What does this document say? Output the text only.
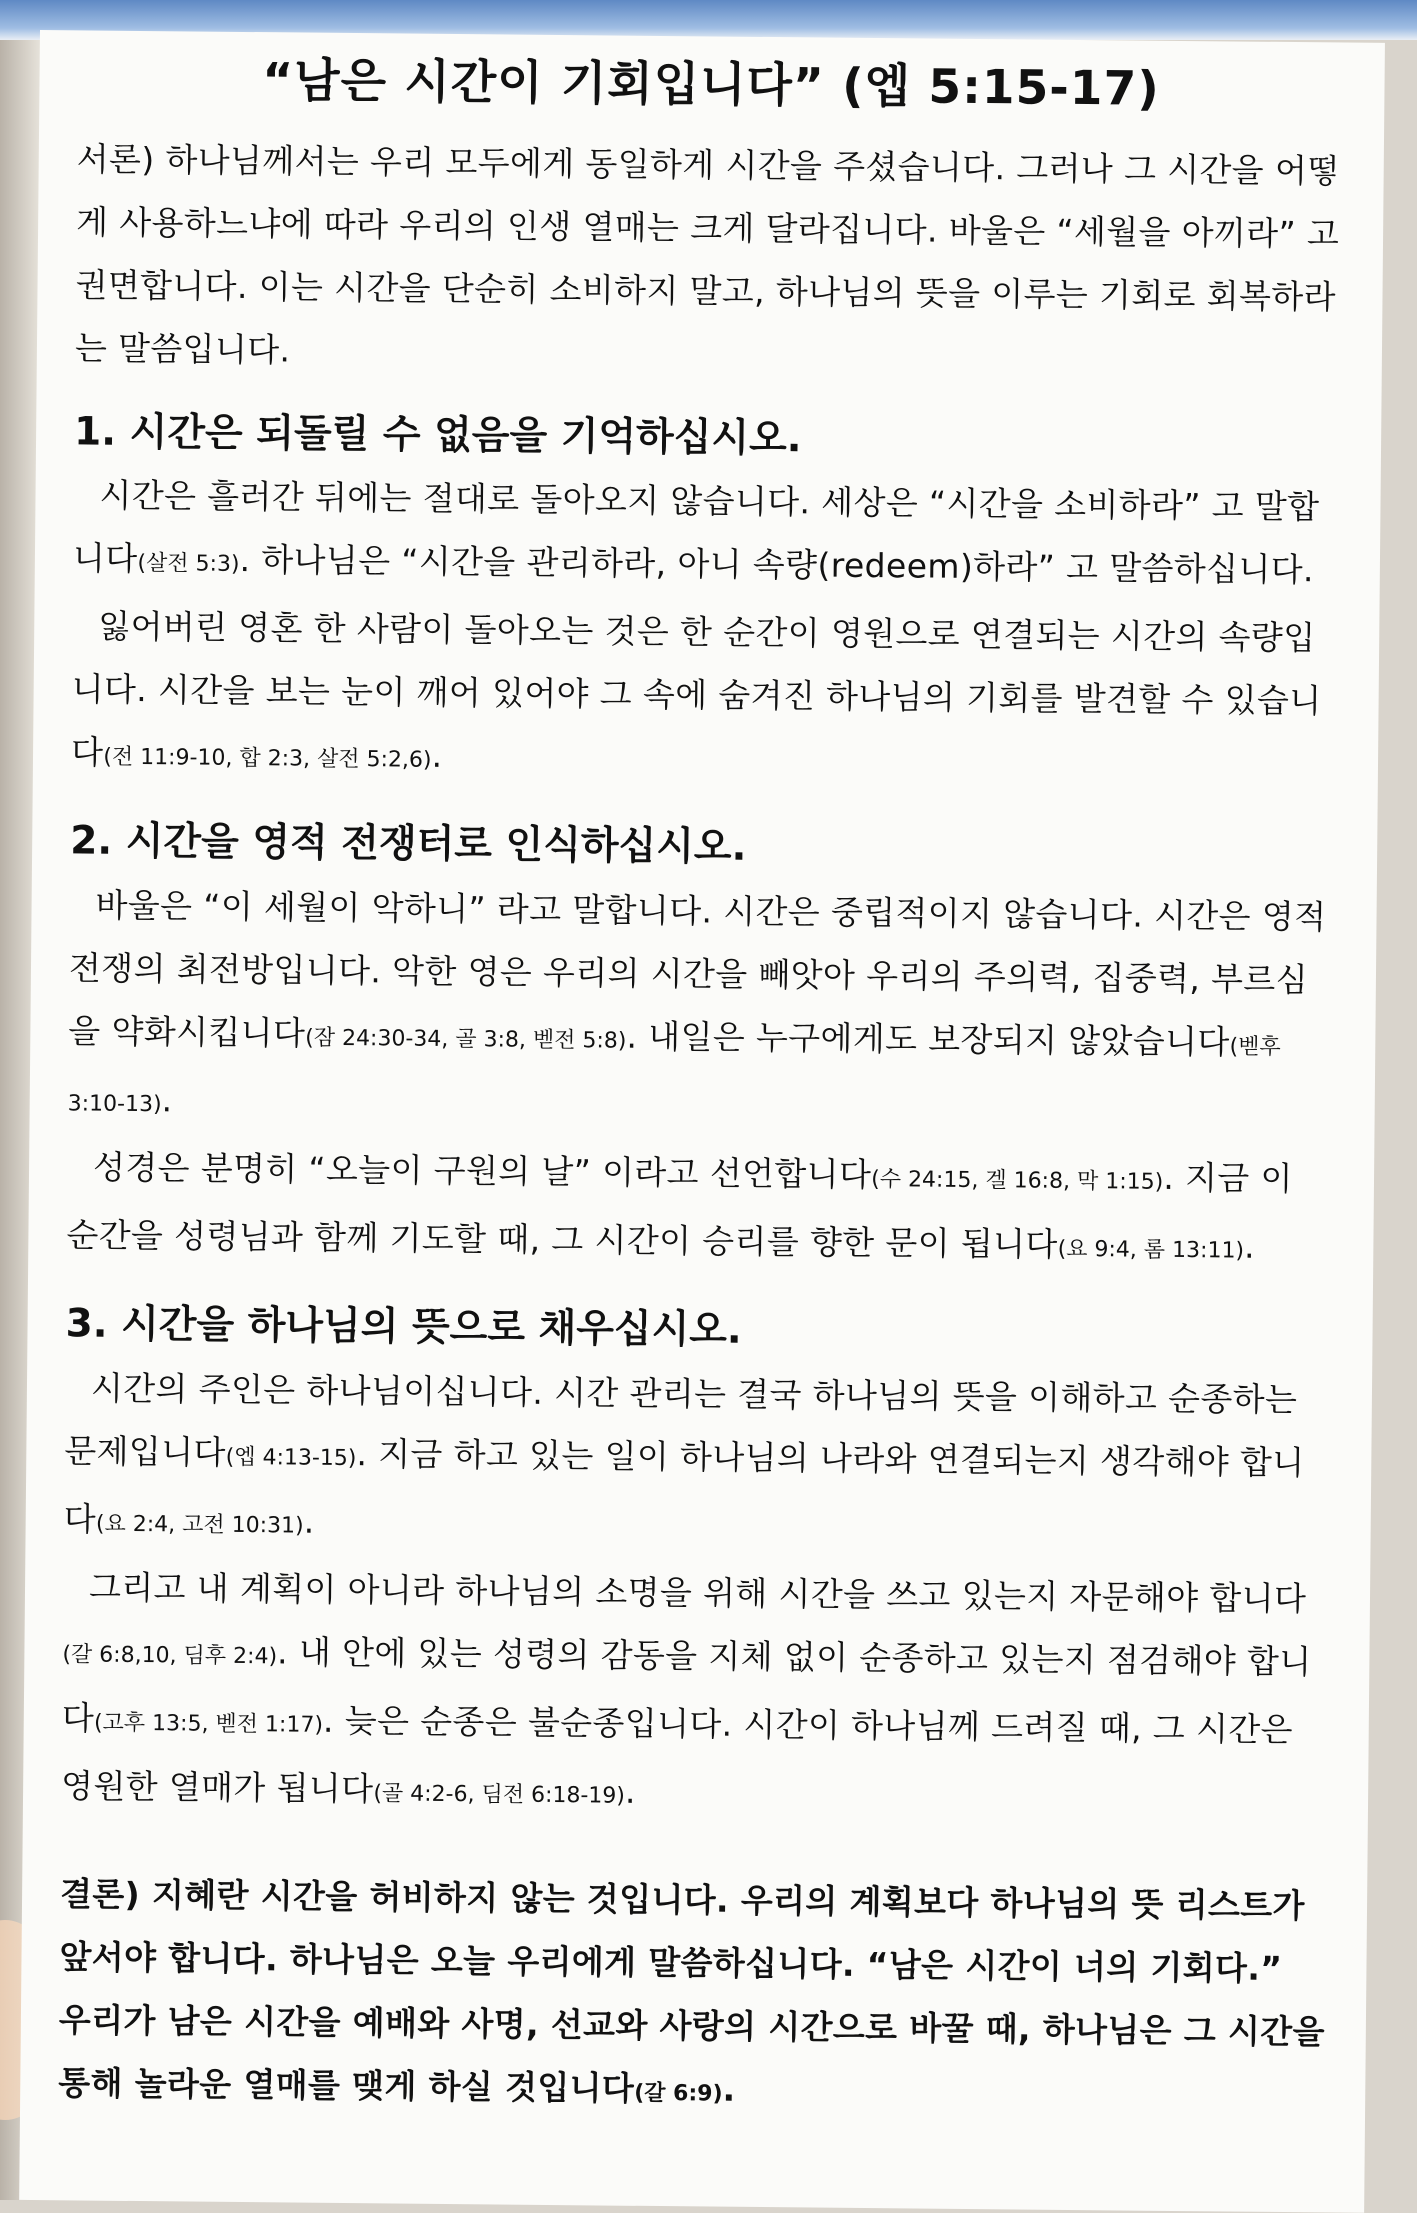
“남은 시간이 기회입니다” (엡 5:15-17)

서론) 하나님께서는 우리 모두에게 동일하게 시간을 주셨습니다. 그러나 그 시간을 어떻게 사용하느냐에 따라 우리의 인생 열매는 크게 달라집니다. 바울은 “세월을 아끼라” 고 권면합니다. 이는 시간을 단순히 소비하지 말고, 하나님의 뜻을 이루는 기회로 회복하라는 말씀입니다.

1. 시간은 되돌릴 수 없음을 기억하십시오.

시간은 흘러간 뒤에는 절대로 돌아오지 않습니다. 세상은 “시간을 소비하라” 고 말합니다(살전 5:3). 하나님은 “시간을 관리하라, 아니 속량(redeem)하라” 고 말씀하십니다.

잃어버린 영혼 한 사람이 돌아오는 것은 한 순간이 영원으로 연결되는 시간의 속량입니다. 시간을 보는 눈이 깨어 있어야 그 속에 숨겨진 하나님의 기회를 발견할 수 있습니다(전 11:9-10, 합 2:3, 살전 5:2,6).

2. 시간을 영적 전쟁터로 인식하십시오.

바울은 “이 세월이 악하니” 라고 말합니다. 시간은 중립적이지 않습니다. 시간은 영적 전쟁의 최전방입니다. 악한 영은 우리의 시간을 빼앗아 우리의 주의력, 집중력, 부르심을 약화시킵니다(잠 24:30-34, 골 3:8, 벧전 5:8). 내일은 누구에게도 보장되지 않았습니다(벧후 3:10-13).

성경은 분명히 “오늘이 구원의 날” 이라고 선언합니다(수 24:15, 겔 16:8, 막 1:15). 지금 이 순간을 성령님과 함께 기도할 때, 그 시간이 승리를 향한 문이 됩니다(요 9:4, 롬 13:11).

3. 시간을 하나님의 뜻으로 채우십시오.

시간의 주인은 하나님이십니다. 시간 관리는 결국 하나님의 뜻을 이해하고 순종하는 문제입니다(엡 4:13-15). 지금 하고 있는 일이 하나님의 나라와 연결되는지 생각해야 합니다(요 2:4, 고전 10:31).

그리고 내 계획이 아니라 하나님의 소명을 위해 시간을 쓰고 있는지 자문해야 합니다(갈 6:8,10, 딤후 2:4). 내 안에 있는 성령의 감동을 지체 없이 순종하고 있는지 점검해야 합니다(고후 13:5, 벧전 1:17). 늦은 순종은 불순종입니다. 시간이 하나님께 드려질 때, 그 시간은 영원한 열매가 됩니다(골 4:2-6, 딤전 6:18-19).

결론) 지혜란 시간을 허비하지 않는 것입니다. 우리의 계획보다 하나님의 뜻 리스트가 앞서야 합니다. 하나님은 오늘 우리에게 말씀하십니다. “남은 시간이 너의 기회다.” 우리가 남은 시간을 예배와 사명, 선교와 사랑의 시간으로 바꿀 때, 하나님은 그 시간을 통해 놀라운 열매를 맺게 하실 것입니다(갈 6:9).
